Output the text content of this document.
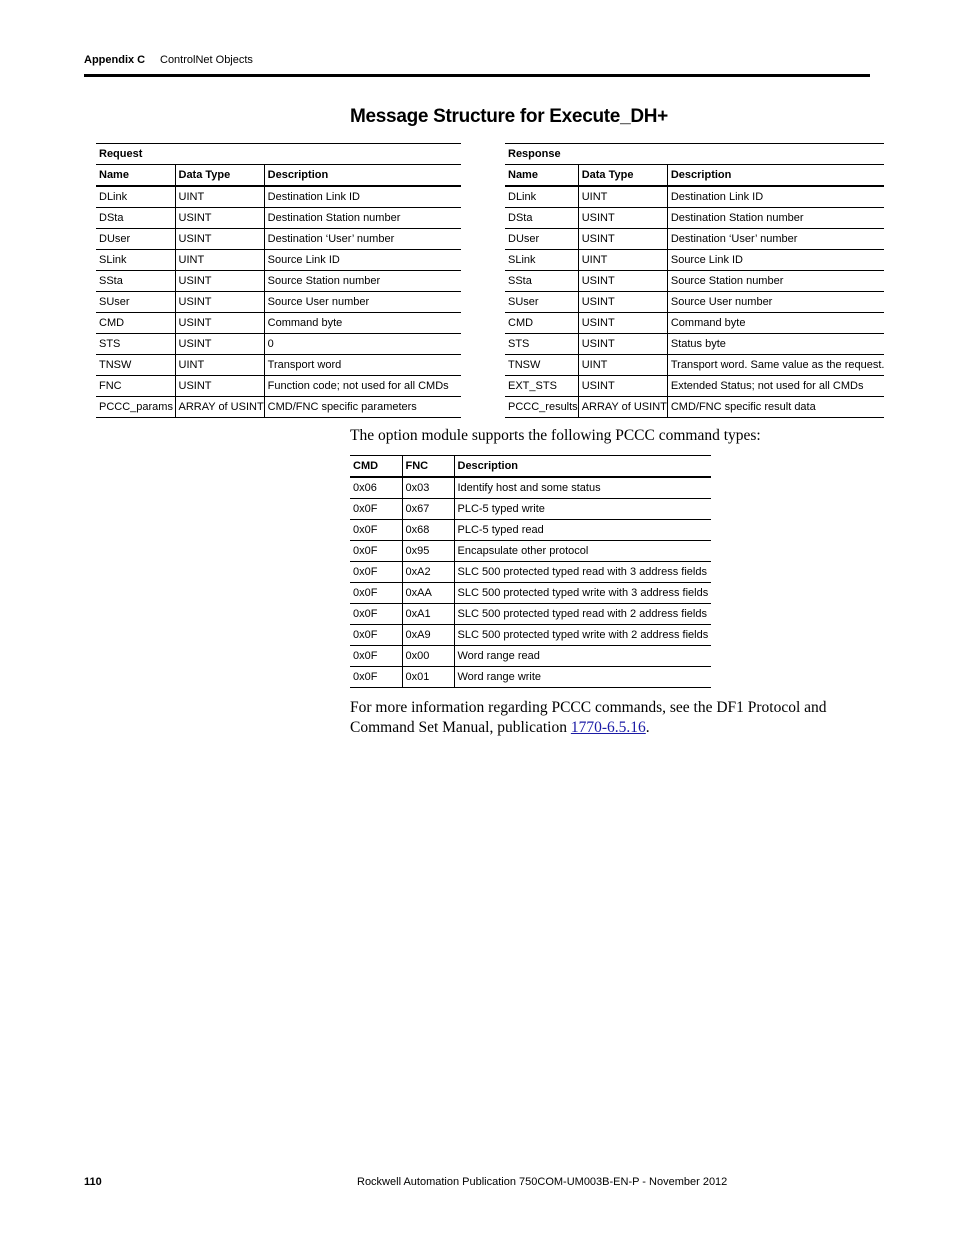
Appendix C ControlNet Objects
Message Structure for Execute_DH+
Request		
Name	Data Type	Description
DLink	UINT	Destination Link ID
DSta	USINT	Destination Station number
DUser	USINT	Destination ‘User’ number
SLink	UINT	Source Link ID
SSta	USINT	Source Station number
SUser	USINT	Source User number
CMD	USINT	Command byte
STS	USINT	0
TNSW	UINT	Transport word
FNC	USINT	Function code; not used for all CMDs
PCCC_params	ARRAY of USINT	CMD/FNC specific parameters
Response		
Name	Data Type	Description
DLink	UINT	Destination Link ID
DSta	USINT	Destination Station number
DUser	USINT	Destination ‘User’ number
SLink	UINT	Source Link ID
SSta	USINT	Source Station number
SUser	USINT	Source User number
CMD	USINT	Command byte
STS	USINT	Status byte
TNSW	UINT	Transport word. Same value as the request.
EXT_STS	USINT	Extended Status; not used for all CMDs
PCCC_results	ARRAY of USINT	CMD/FNC specific result data
The option module supports the following PCCC command types:
CMD	FNC	Description
0x06	0x03	Identify host and some status
0x0F	0x67	PLC-5 typed write
0x0F	0x68	PLC-5 typed read
0x0F	0x95	Encapsulate other protocol
0x0F	0xA2	SLC 500 protected typed read with 3 address fields
0x0F	0xAA	SLC 500 protected typed write with 3 address fields
0x0F	0xA1	SLC 500 protected typed read with 2 address fields
0x0F	0xA9	SLC 500 protected typed write with 2 address fields
0x0F	0x00	Word range read
0x0F	0x01	Word range write
For more information regarding PCCC commands, see the DF1 Protocol and Command Set Manual, publication 1770-6.5.16.
110	Rockwell Automation Publication 750COM-UM003B-EN-P - November 2012
